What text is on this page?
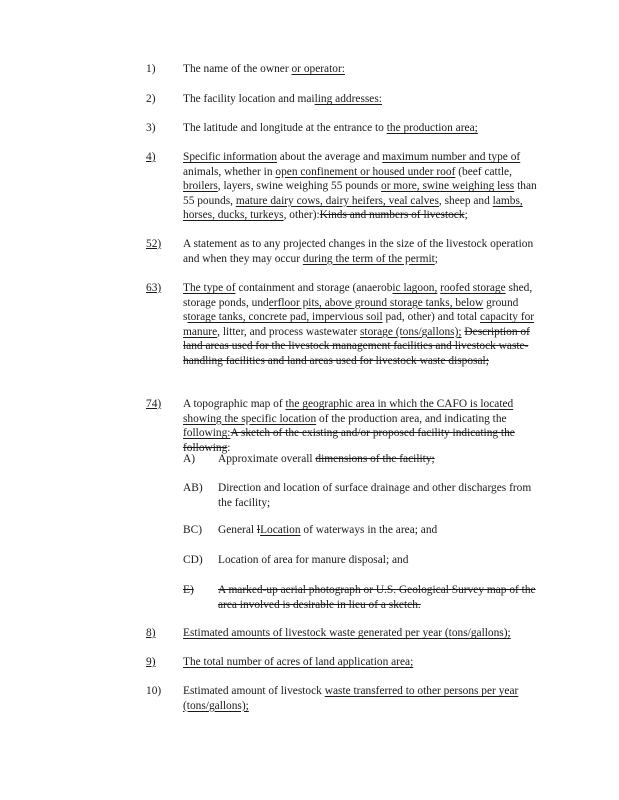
1)	The name of the owner or operator:
2)	The facility location and mailing addresses:
3)	The latitude and longitude at the entrance to the production area;
4)	Specific information about the average and maximum number and type of animals, whether in open confinement or housed under roof (beef cattle, broilers, layers, swine weighing 55 pounds or more, swine weighing less than 55 pounds, mature dairy cows, dairy heifers, veal calves, sheep and lambs, horses, ducks, turkeys, other):Kinds and numbers of livestock;
52)	A statement as to any projected changes in the size of the livestock operation and when they may occur during the term of the permit;
63)	The type of containment and storage (anaerobic lagoon, roofed storage shed, storage ponds, underfloor pits, above ground storage tanks, below ground storage tanks, concrete pad, impervious soil pad, other) and total capacity for manure, litter, and process wastewater storage (tons/gallons); Description of land areas used for the livestock management facilities and livestock waste-handling facilities and land areas used for livestock waste disposal;
74)	A topographic map of the geographic area in which the CAFO is located showing the specific location of the production area, and indicating the following:A sketch of the existing and/or proposed facility indicating the following:
A)	Approximate overall dimensions of the facility;
AB)	Direction and location of surface drainage and other discharges from the facility;
BC)	General lLocation of waterways in the area; and
CD)	Location of area for manure disposal; and
E)	A marked-up aerial photograph or U.S. Geological Survey map of the area involved is desirable in lieu of a sketch.
8)	Estimated amounts of livestock waste generated per year (tons/gallons);
9)	The total number of acres of land application area;
10)	Estimated amount of livestock waste transferred to other persons per year (tons/gallons);
